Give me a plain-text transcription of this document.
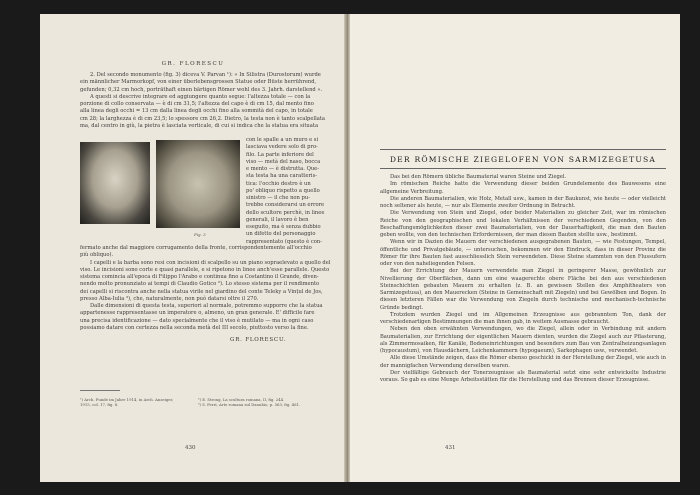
GR. FLORESCU
2. Del secondo monumento (fig. 3) diceva V. Parvan ¹): « In Silistra (Durostorum) wurde
ein männlicher Marmorkopf, von einer überlebensgrossen Statue oder Büste herrührend,
gefunden; 0,32 cm hoch, porträthaft einen bärtigen Römer wohl des 3. Jahrh. darstellend ».
A questi si descrive integrare ed aggiungere quanto segue: l'altezza totale — con la
porzione di collo conservata — è di cm 31,5; l'altezza del capo è di cm 15, dal mento fino
alla linea degli occhi = 13 cm dalla linea degli occhi fino alla sommità del capo, in totale
cm 28; la larghezza è di cm 23,5; lo spessore cm 26,2. Dietro, la testa non è tanto scalpellata
ma, dal centro in giù, la pietra è lasciata verticale, di cui si indica che la statua era situata
Fig. 3
con le spalle a un muro e si
lasciava vedere solo di pro-
filo. La parte inferiore del
viso — metà del naso, bocca
e mento — è distrutta. Que-
sta testa ha una caratteris-
tica: l'occhio destro è un
po' obliquo rispetto a quello
sinistro — il che non pu-
trebbe considerarsi un errore
dello scultore perchè, in linee
generali, il lavoro è ben
eseguito, ma è senza dubbio
un difetto del personaggio
rappresentato (questo è con-
fermato anche dal maggiore corrugamento della fronte, corrispondentemente all'occhio
più obliquo).
I capelli e la barba sono resi con incisioni di scalpello su un piano sopraelevato a quello del
viso. Le incisioni sono corte e quasi parallele, e si ripetono in linee anch'esse parallele. Questo
sistema comincia all'epoca di Filippo l'Arabo e continua fino a Costantino il Grande, diven-
nendo molto pronunziato ai tempi di Claudio Gotico ²). Lo stesso sistema per il rendimento
dei capelli si riscontra anche nella statua virile nel giardino del conte Teleky a Vințul de Jos,
presso Alba-Iulia ³), che, naturalmente, non può datarsi oltre il 270.
Dalle dimensioni di questa testa, superiori al normale, potremmo supporre che la statua
appartenesse rappresentasse un imperatore o, almeno, un gran generale. E' difficile fare
una precisa identificazione — dato specialmente che il viso è mutilato — ma in ogni caso
possiamo datare con certezza nella seconda metà del III secolo, piuttosto verso la fine.
GR. FLORESCU.
¹) Arch. Funde im Jahre 1914, in Arch. Anzeiger,
1915, col. 17, fig. 8.
²) E. Strong, La scultura romana, II, fig. 244.
³) S. Ferri, Arte romana sul Danubio, p. 363, fig. 461.
430
DER RÖMISCHE ZIEGELOFEN VON SARMIZEGETUSA

Das bei den Römern übliche Baumaterial waren Steine und Ziegel.

Im römischen Reiche hatte die Verwendung dieser beiden Grundelemente des Bauwesens eine allgemeine Verbreitung.

Die anderen Baumaterialien, wie Holz, Metall usw., kamen in der Baukunst, wie heute — oder vielleicht noch seltener als heute, — nur als Elemente zweiter Ordnung in Betracht.

Die Verwendung von Stein und Ziegel, oder beider Materialien zu gleicher Zeit, war im römischen Reiche von den geographischen und lokalen Verhältnissen der verschiedenen Gegenden, von den Beschaffungsmöglichkeiten dieser zwei Baumaterialien, von der Dauerhaftigkeit, die man den Bauten geben wollte, von den technischen Erfordernissen, der man diesen Bauten stellte usw., bestimmt.

Wenn wir in Dazien die Mauern der verschiedenen ausgegrabenen Bauten, — wie Festungen, Tempel, öffentliche und Privatgebäude, — untersuchen, bekommen wir den Eindruck, dass in dieser Provinz die Römer für ihre Bauten fast ausschliesslich Stein verwendeten. Diese Steine stammten von den Flussufern oder von den naheliegenden Felsen.

Bei der Errichtung der Mauern verwendete man Ziegel in geringerer Masse, gewöhnlich zur Nivellierung der Oberflächen, dann um eine waagerechte obere Fläche bei den aus verschiedenen Steinschichten gebauten Mauern zu erhalten (z. B. an gewissen Stellen des Amphitheaters von Sarmizegetusa), an den Mauerecken (Steine in Gemeinschaft mit Ziegeln) und bei Gewölben und Bogen. In diesen letzteren Fällen war die Verwendung von Ziegeln durch technische und mechanisch-technische Gründe bedingt.

Trotzdem wurden Ziegel und im Allgemeinen Erzeugnisse aus gebranntem Ton, dank der verschiedenartigen Bestimmungen die man ihnen gab, in weitem Ausmasse gebraucht.

Neben den oben erwähnten Verwendungen, wo die Ziegel, allein oder in Verbindung mit andern Baumaterialien, zur Errichtung der eigentlichen Mauern dienten, wurden die Ziegel auch zur Pflasterung, als Zimmermosaiken, für Kanäle, Bodeneinrichtungen und besonders zum Bau von Zentralheizungsanlagen (hypocaustum), von Hausdächern, Leichenkammern (hypogaeum), Sarkophagen usw., verwendet.

Alle diese Umstände zeigen, dass die Römer ebenso geschickt in der Herstellung der Ziegel, wie auch in der mannigfachen Verwendung derselben waren.

Der vielfältige Gebrauch der Tonerzeugnisse als Baumaterial setzt eine sehr entwickelte Industrie voraus. So gab es eine Menge Arbeitsstätten für die Herstellung und das Brennen dieser Erzeugnisse.

431
